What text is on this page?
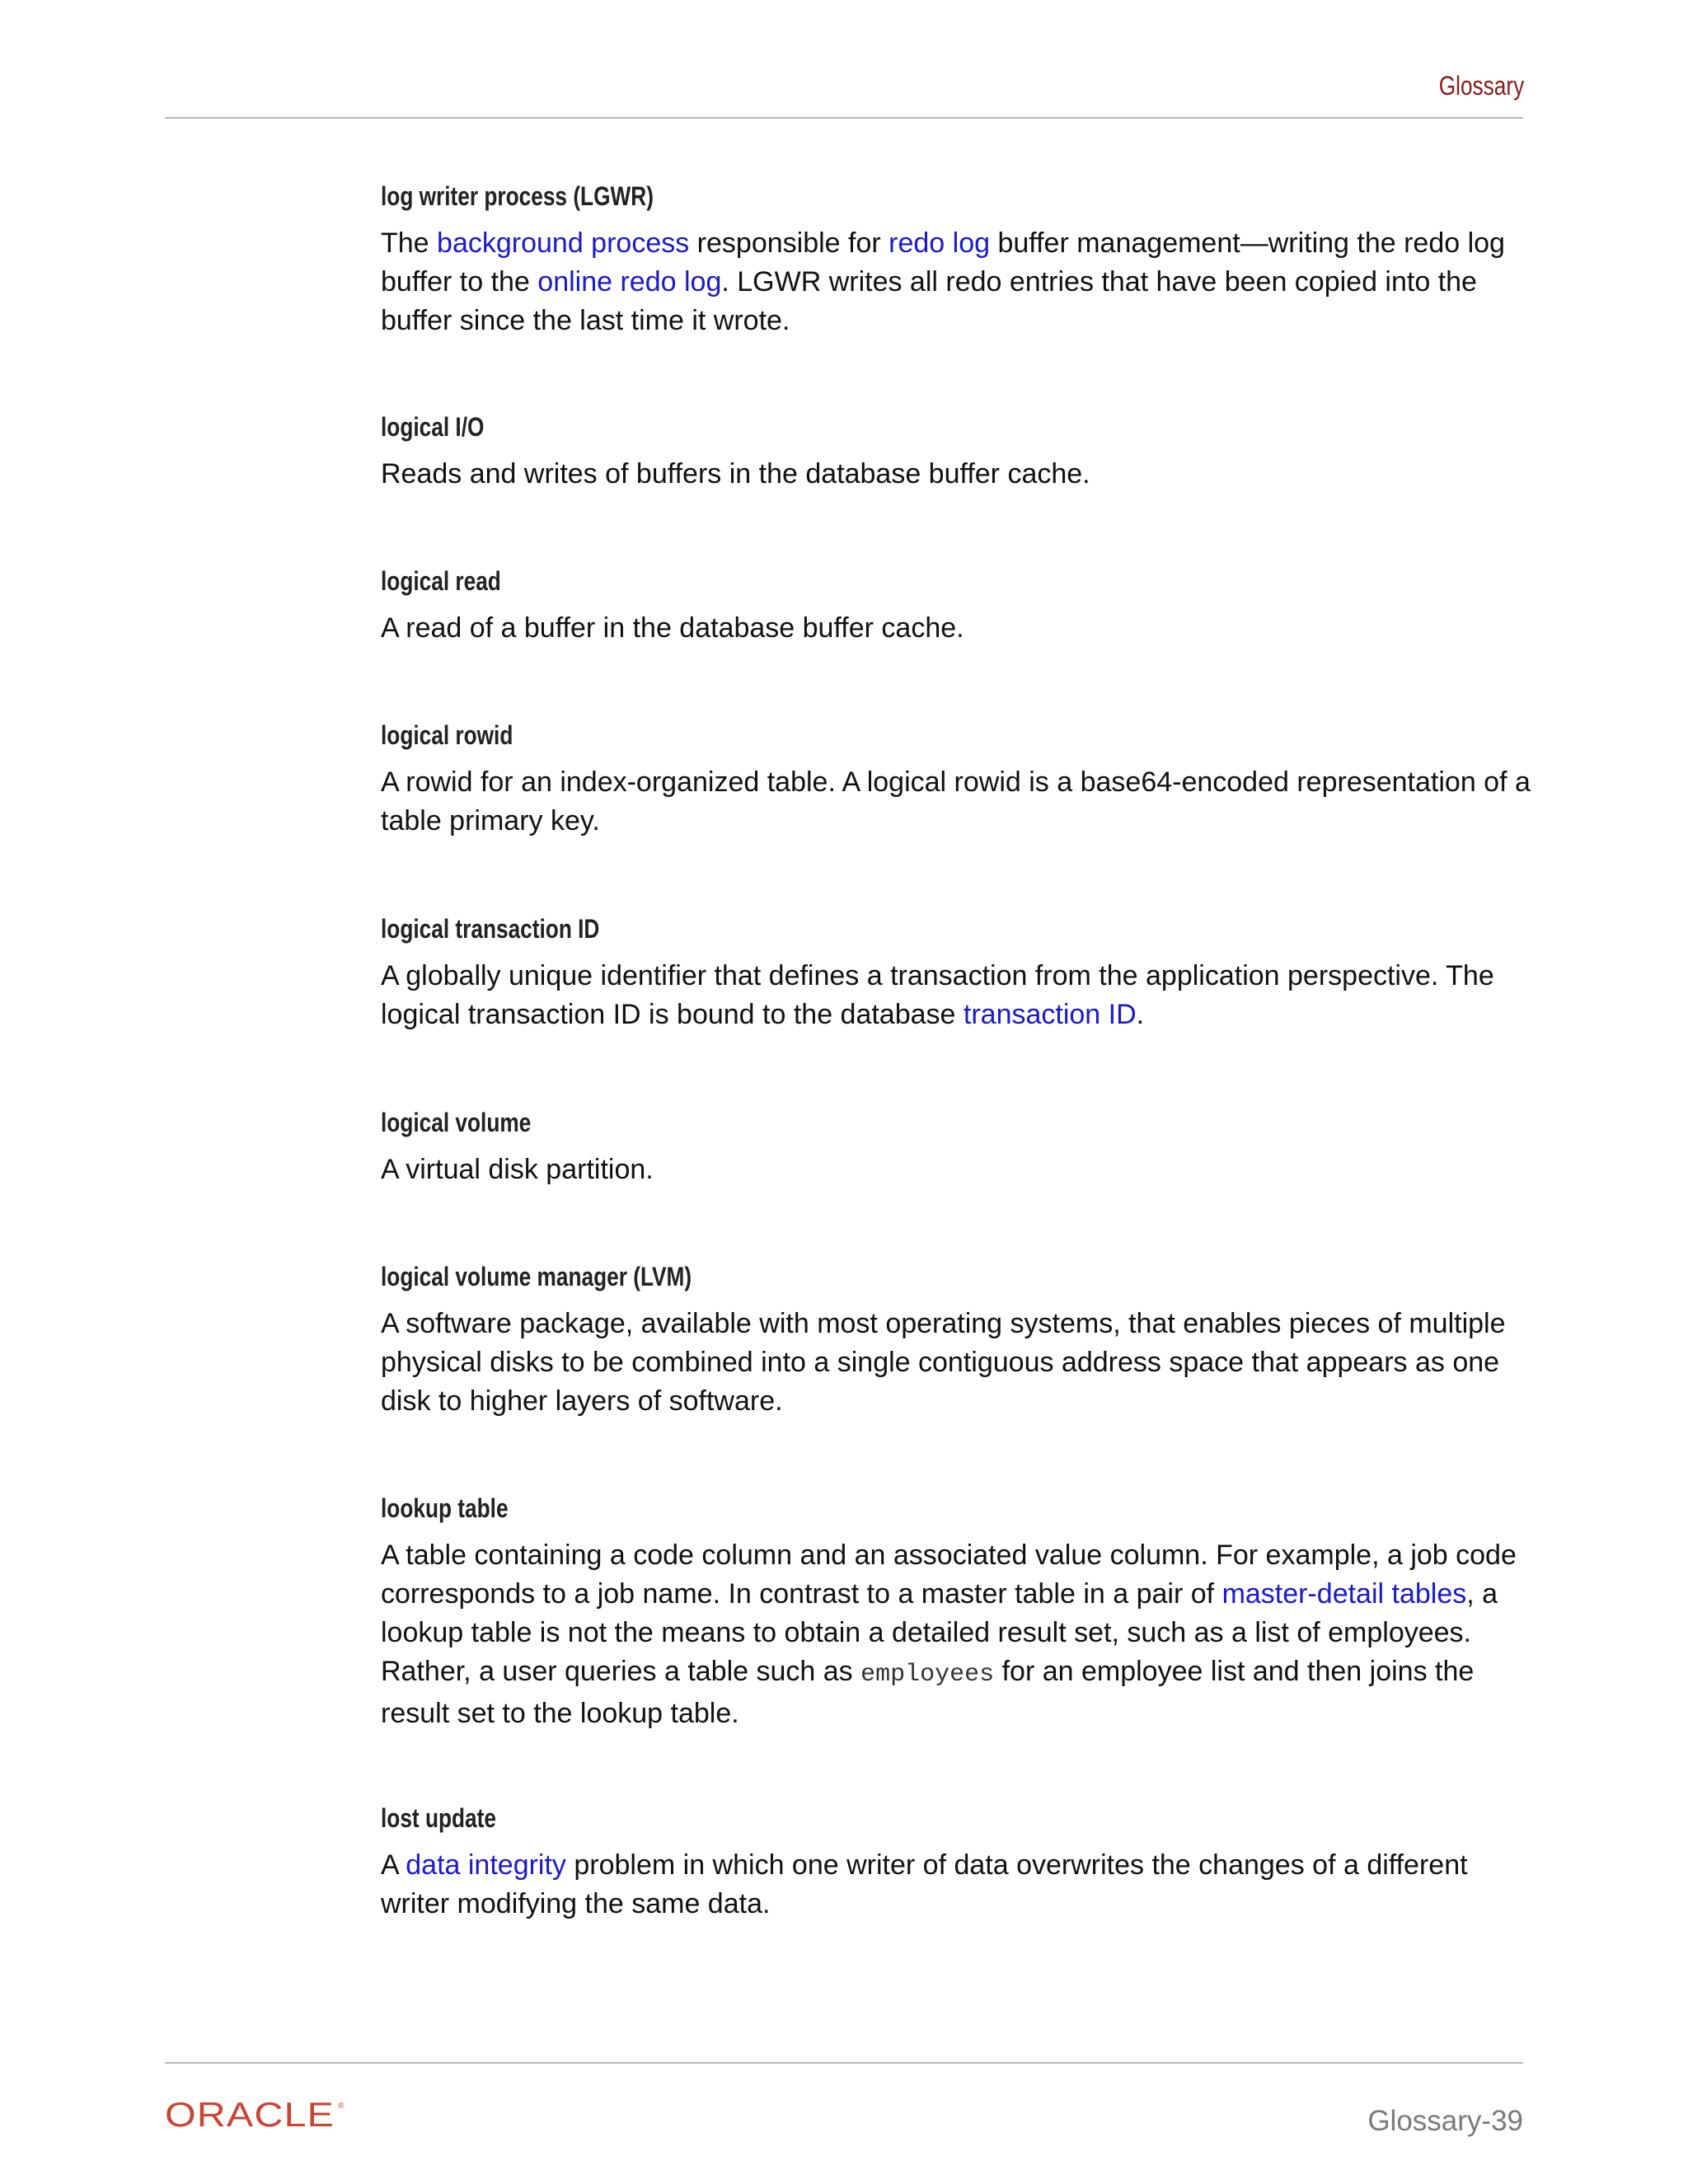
Glossary
log writer process (LGWR)
The background process responsible for redo log buffer management—writing the redo log buffer to the online redo log. LGWR writes all redo entries that have been copied into the buffer since the last time it wrote.
logical I/O
Reads and writes of buffers in the database buffer cache.
logical read
A read of a buffer in the database buffer cache.
logical rowid
A rowid for an index-organized table. A logical rowid is a base64-encoded representation of a table primary key.
logical transaction ID
A globally unique identifier that defines a transaction from the application perspective. The logical transaction ID is bound to the database transaction ID.
logical volume
A virtual disk partition.
logical volume manager (LVM)
A software package, available with most operating systems, that enables pieces of multiple physical disks to be combined into a single contiguous address space that appears as one disk to higher layers of software.
lookup table
A table containing a code column and an associated value column. For example, a job code corresponds to a job name. In contrast to a master table in a pair of master-detail tables, a lookup table is not the means to obtain a detailed result set, such as a list of employees. Rather, a user queries a table such as employees for an employee list and then joins the result set to the lookup table.
lost update
A data integrity problem in which one writer of data overwrites the changes of a different writer modifying the same data.
ORACLE ®	Glossary-39
